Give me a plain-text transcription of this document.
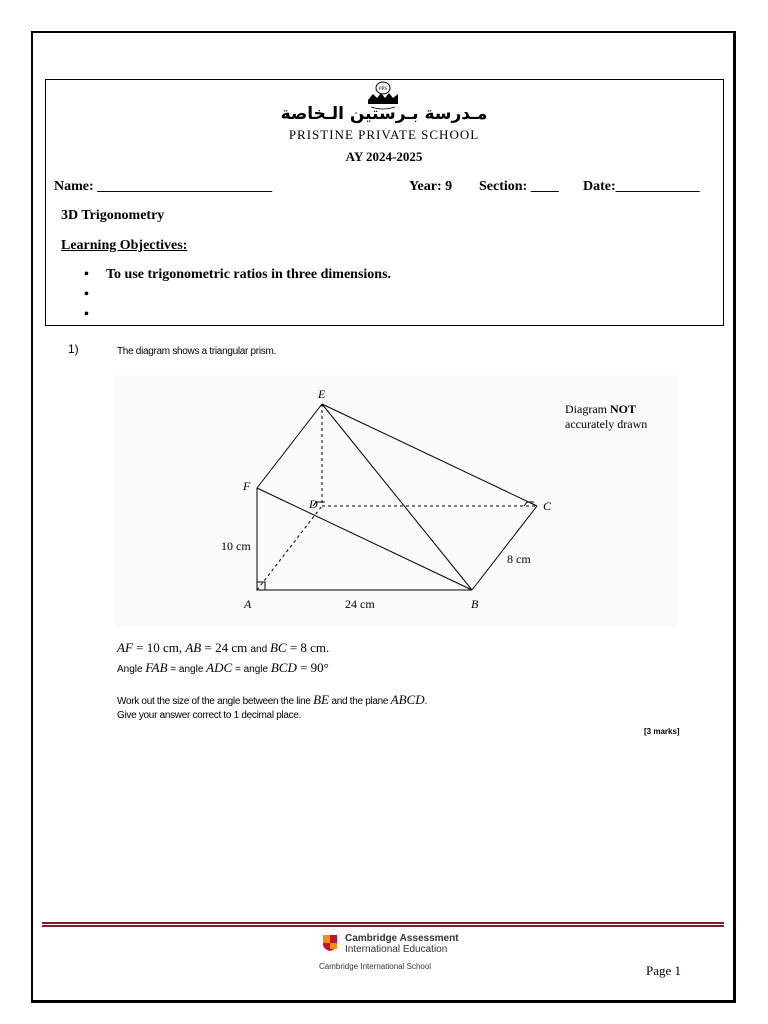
PPS
مـدرسة بـرستين الـخاصة
PRISTINE PRIVATE SCHOOL
AY 2024-2025
Name: _________________________	Year: 9 Section: ____ Date:____________
3D Trigonometry
Learning Objectives:
• To use trigonometric ratios in three dimensions.
•
•
1)	The diagram shows a triangular prism.
E
F
D	C
A	B
10 cm
24 cm
8 cm
Diagram NOT
accurately drawn
AF = 10 cm, AB = 24 cm and BC = 8 cm.
Angle FAB = angle ADC = angle BCD = 90°
Work out the size of the angle between the line BE and the plane ABCD.
Give your answer correct to 1 decimal place.
[3 marks]
Cambridge Assessment
International Education
Cambridge International School	Page 1
